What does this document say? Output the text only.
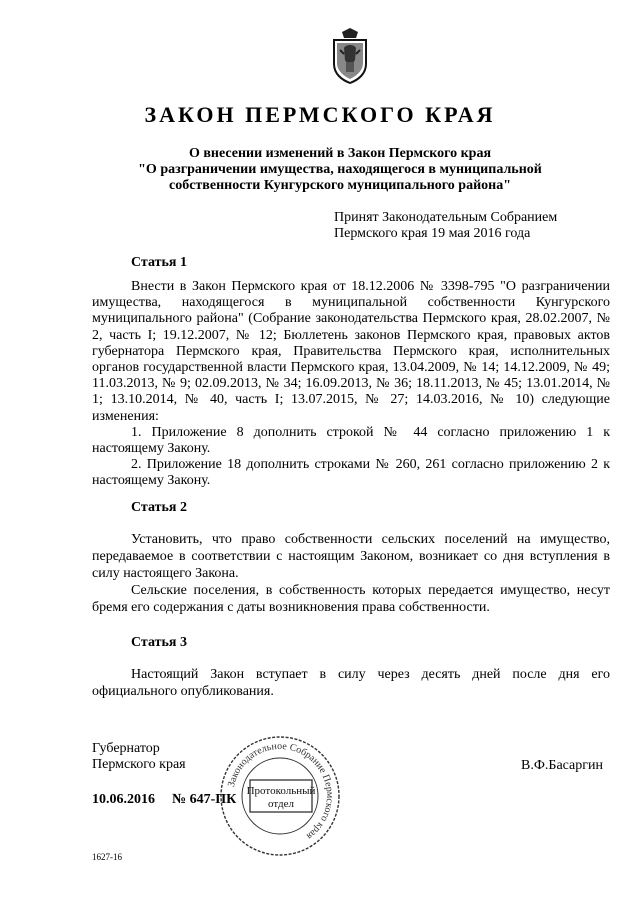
ЗАКОН ПЕРМСКОГО КРАЯ
О внесении изменений в Закон Пермского края
"О разграничении имущества, находящегося в муниципальной
собственности Кунгурского муниципального района"
Принят Законодательным Собранием
Пермского края 19 мая 2016 года
Статья 1

Внести в Закон Пермского края от 18.12.2006 № 3398-795 "О разграничении имущества, находящегося в муниципальной собственности Кунгурского муниципального района" (Собрание законодательства Пермского края, 28.02.2007, № 2, часть I; 19.12.2007, № 12; Бюллетень законов Пермского края, правовых актов губернатора Пермского края, Правительства Пермского края, исполнительных органов государственной власти Пермского края, 13.04.2009, № 14; 14.12.2009, № 49; 11.03.2013, № 9; 02.09.2013, № 34; 16.09.2013, № 36; 18.11.2013, № 45; 13.01.2014, № 1; 13.10.2014, № 40, часть I; 13.07.2015, № 27; 14.03.2016, № 10) следующие изменения:

1. Приложение 8 дополнить строкой № 44 согласно приложению 1 к настоящему Закону.

2. Приложение 18 дополнить строками № 260, 261 согласно приложению 2 к настоящему Закону.

Статья 2

Установить, что право собственности сельских поселений на имущество, передаваемое в соответствии с настоящим Законом, возникает со дня вступления в силу настоящего Закона.

Сельские поселения, в собственность которых передается имущество, несут бремя его содержания с даты возникновения права собственности.

Статья 3

Настоящий Закон вступает в силу через десять дней после дня его официального опубликования.

Губернатор
Пермского края	В.Ф.Басаргин
10.06.2016 № 647-ПК
Законодательное Собрание Пермского края
Протокольный
отдел
1627-16
